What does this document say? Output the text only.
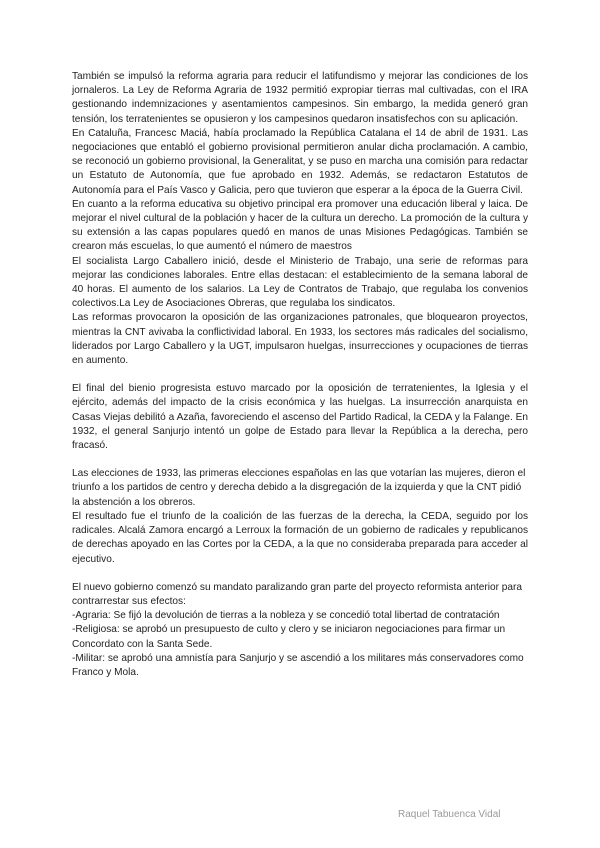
También se impulsó la reforma agraria para reducir el latifundismo y mejorar las condiciones de los jornaleros. La Ley de Reforma Agraria de 1932 permitió expropiar tierras mal cultivadas, con el IRA gestionando indemnizaciones y asentamientos campesinos. Sin embargo, la medida generó gran tensión, los terratenientes se opusieron y los campesinos quedaron insatisfechos con su aplicación.

En Cataluña, Francesc Maciá, había proclamado la República Catalana el 14 de abril de 1931. Las negociaciones que entabló el gobierno provisional permitieron anular dicha proclamación. A cambio, se reconoció un gobierno provisional, la Generalitat, y se puso en marcha una comisión para redactar un Estatuto de Autonomía, que fue aprobado en 1932. Además, se redactaron Estatutos de Autonomía para el País Vasco y Galicia, pero que tuvieron que esperar a la época de la Guerra Civil.

En cuanto a la reforma educativa su objetivo principal era promover una educación liberal y laica. De mejorar el nivel cultural de la población y hacer de la cultura un derecho. La promoción de la cultura y su extensión a las capas populares quedó en manos de unas Misiones Pedagógicas. También se crearon más escuelas, lo que aumentó el número de maestros

El socialista Largo Caballero inició, desde el Ministerio de Trabajo, una serie de reformas para mejorar las condiciones laborales. Entre ellas destacan: el establecimiento de la semana laboral de 40 horas. El aumento de los salarios. La Ley de Contratos de Trabajo, que regulaba los convenios colectivos.La Ley de Asociaciones Obreras, que regulaba los sindicatos.

Las reformas provocaron la oposición de las organizaciones patronales, que bloquearon proyectos, mientras la CNT avivaba la conflictividad laboral. En 1933, los sectores más radicales del socialismo, liderados por Largo Caballero y la UGT, impulsaron huelgas, insurrecciones y ocupaciones de tierras en aumento.

El final del bienio progresista estuvo marcado por la oposición de terratenientes, la Iglesia y el ejército, además del impacto de la crisis económica y las huelgas. La insurrección anarquista en Casas Viejas debilitó a Azaña, favoreciendo el ascenso del Partido Radical, la CEDA y la Falange. En 1932, el general Sanjurjo intentó un golpe de Estado para llevar la República a la derecha, pero fracasó.

Las elecciones de 1933, las primeras elecciones españolas en las que votarían las mujeres, dieron el triunfo a los partidos de centro y derecha debido a la disgregación de la izquierda y que la CNT pidió la abstención a los obreros.

El resultado fue el triunfo de la coalición de las fuerzas de la derecha, la CEDA, seguido por los radicales. Alcalá Zamora encargó a Lerroux la formación de un gobierno de radicales y republicanos de derechas apoyado en las Cortes por la CEDA, a la que no consideraba preparada para acceder al ejecutivo.

El nuevo gobierno comenzó su mandato paralizando gran parte del proyecto reformista anterior para contrarrestar sus efectos:

-Agraria: Se fijó la devolución de tierras a la nobleza y se concedió total libertad de contratación

-Religiosa: se aprobó un presupuesto de culto y clero y se iniciaron negociaciones para firmar un Concordato con la Santa Sede.

-Militar: se aprobó una amnistía para Sanjurjo y se ascendió a los militares más conservadores como Franco y Mola.

Raquel Tabuenca Vidal
